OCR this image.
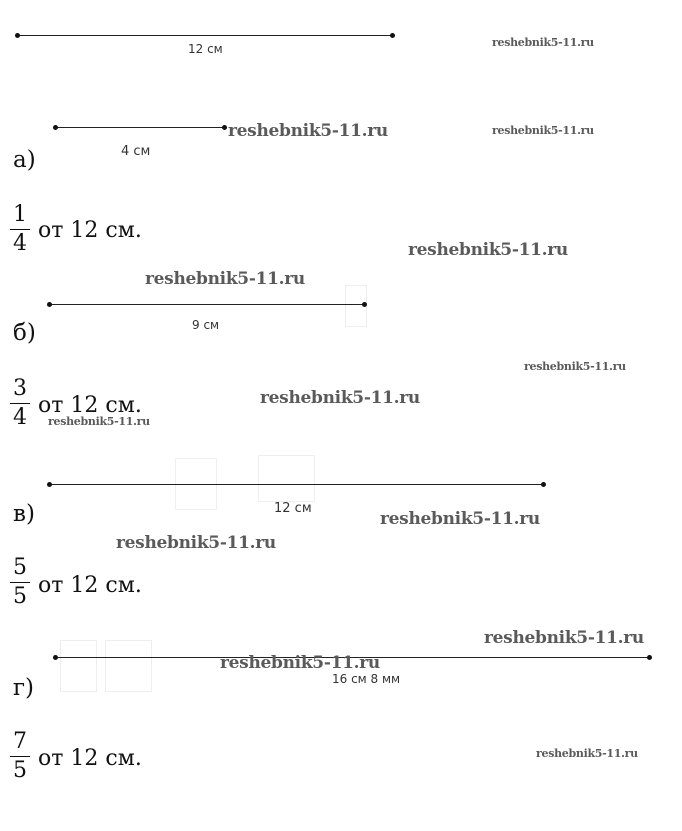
12 см
4 см
а)
$\frac{1}{4}$ от 12 см.
9 см
б)
$\frac{3}{4}$ от 12 см.
12 см
в)
$\frac{5}{5}$ от 12 см.
16 см 8 мм
г)
$\frac{7}{5}$ от 12 см.
reshebnik5-11.ru
reshebnik5-11.ru	reshebnik5-11.ru
reshebnik5-11.ru
reshebnik5-11.ru
reshebnik5-11.ru
reshebnik5-11.ru
reshebnik5-11.ru
reshebnik5-11.ru
reshebnik5-11.ru
reshebnik5-11.ru
reshebnik5-11.ru
reshebnik5-11.ru
